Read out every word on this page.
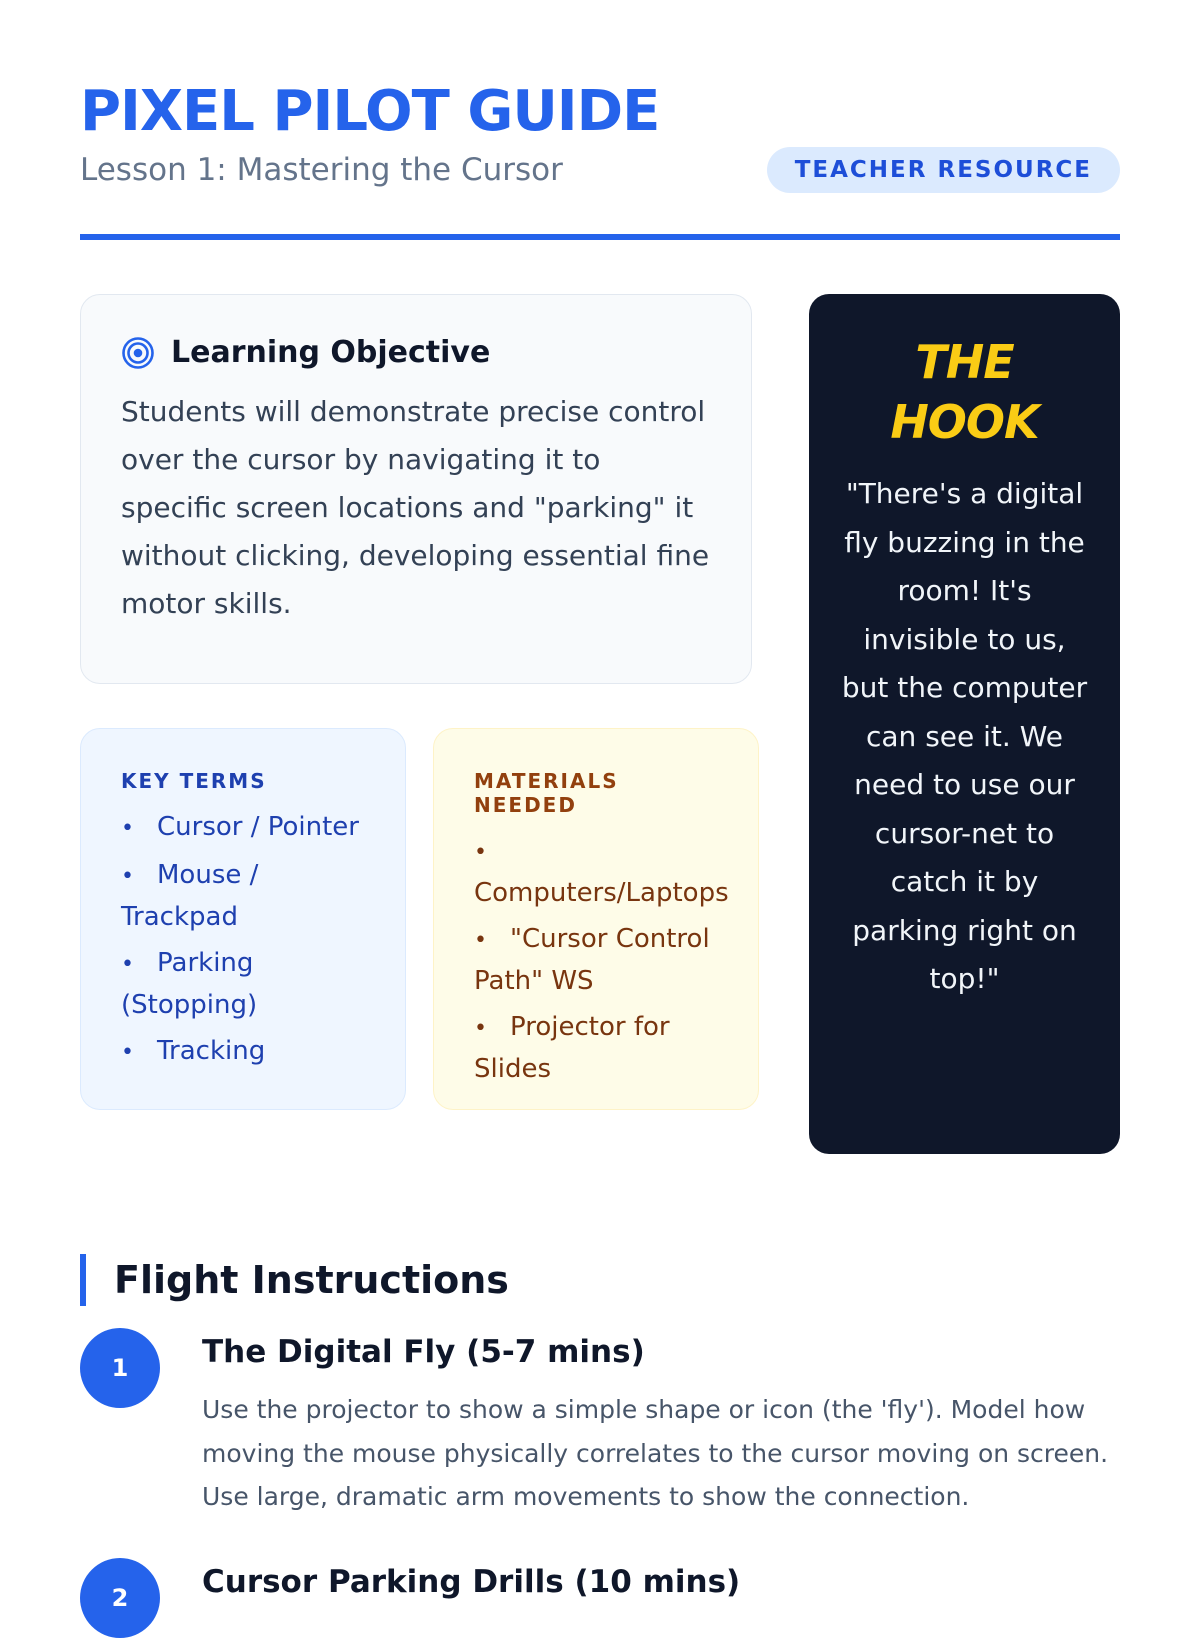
PIXEL PILOT GUIDE

Lesson 1: Mastering the Cursor	TEACHER RESOURCE
Learning Objective

Students will demonstrate precise control over the cursor by navigating it to specific screen locations and "parking" it without clicking, developing essential fine motor skills.

KEY TERMS
• Cursor / Pointer
• Mouse / Trackpad
• Parking (Stopping)
• Tracking
MATERIALS NEEDED
• Computers/Laptops
• "Cursor Control Path" WS
• Projector for Slides
THE
HOOK

"There's a digital fly buzzing in the room! It's invisible to us, but the computer can see it. We need to use our cursor-net to catch it by parking right on top!"

Flight Instructions
1	The Digital Fly (5-7 mins)

Use the projector to show a simple shape or icon (the 'fly'). Model how moving the mouse physically correlates to the cursor moving on screen. Use large, dramatic arm movements to show the connection.

2	Cursor Parking Drills (10 mins)
